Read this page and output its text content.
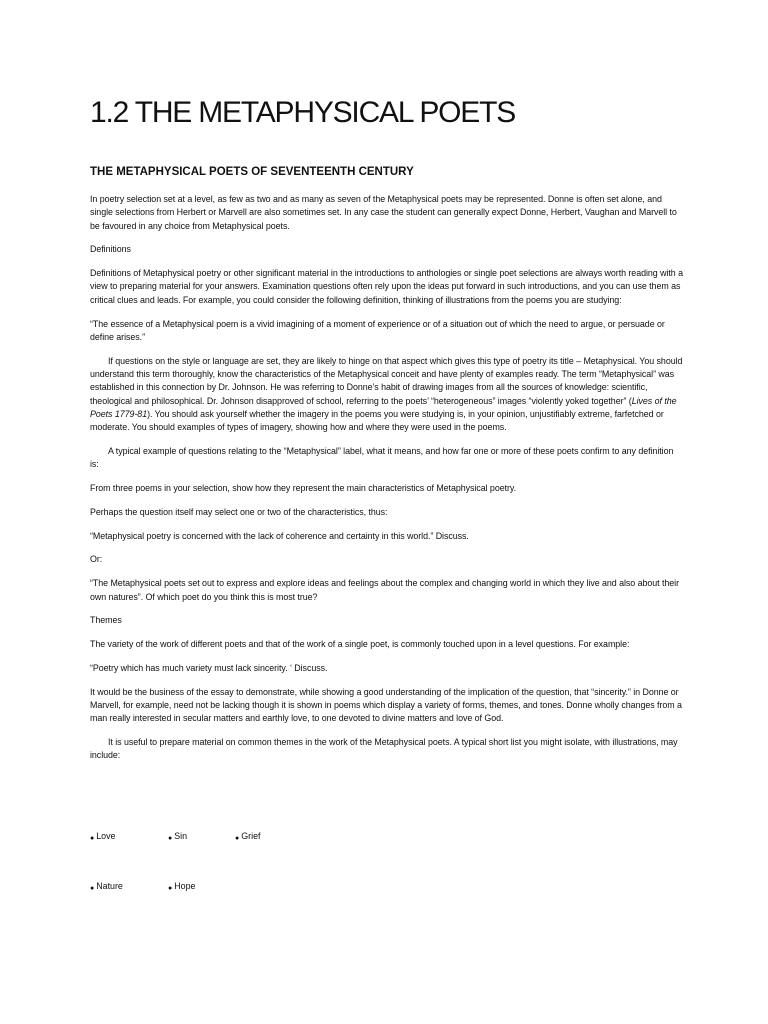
1.2 THE METAPHYSICAL POETS
THE METAPHYSICAL POETS OF SEVENTEENTH CENTURY

In poetry selection set at a level, as few as two and as many as seven of the Metaphysical poets may be represented. Donne is often set alone, and single selections from Herbert or Marvell are also sometimes set. In any case the student can generally expect Donne, Herbert, Vaughan and Marvell to be favoured in any choice from Metaphysical poets.

Definitions

Definitions of Metaphysical poetry or other significant material in the introductions to anthologies or single poet selections are always worth reading with a view to preparing material for your answers. Examination questions often rely upon the ideas put forward in such introductions, and you can use them as critical clues and leads. For example, you could consider the following definition, thinking of illustrations from the poems you are studying:

“The essence of a Metaphysical poem is a vivid imagining of a moment of experience or of a situation out of which the need to argue, or persuade or define arises.”

If questions on the style or language are set, they are likely to hinge on that aspect which gives this type of poetry its title – Metaphysical. You should understand this term thoroughly, know the characteristics of the Metaphysical conceit and have plenty of examples ready. The term “Metaphysical” was established in this connection by Dr. Johnson. He was referring to Donne’s habit of drawing images from all the sources of knowledge: scientific, theological and philosophical. Dr. Johnson disapproved of school, referring to the poets’ “heterogeneous” images “violently yoked together” (Lives of the Poets 1779-81). You should ask yourself whether the imagery in the poems you were studying is, in your opinion, unjustifiably extreme, farfetched or moderate. You should examples of types of imagery, showing how and where they were used in the poems.

A typical example of questions relating to the “Metaphysical” label, what it means, and how far one or more of these poets confirm to any definition is:

From three poems in your selection, show how they represent the main characteristics of Metaphysical poetry.

Perhaps the question itself may select one or two of the characteristics, thus:

“Metaphysical poetry is concerned with the lack of coherence and certainty in this world.” Discuss.

Or:

“The Metaphysical poets set out to express and explore ideas and feelings about the complex and changing world in which they live and also about their own natures”. Of which poet do you think this is most true?

Themes

The variety of the work of different poets and that of the work of a single poet, is commonly touched upon in a level questions. For example:

“Poetry which has much variety must lack sincerity. ‘ Discuss.

It would be the business of the essay to demonstrate, while showing a good understanding of the implication of the question, that “sincerity.” in Donne or Marvell, for example, need not be lacking though it is shown in poems which display a variety of forms, themes, and tones. Donne wholly changes from a man really interested in secular matters and earthly love, to one devoted to divine matters and love of God.

It is useful to prepare material on common themes in the work of the Metaphysical poets. A typical short list you might isolate, with illustrations, may include:

● Love	● Sin	● Grief
● Nature	● Hope
